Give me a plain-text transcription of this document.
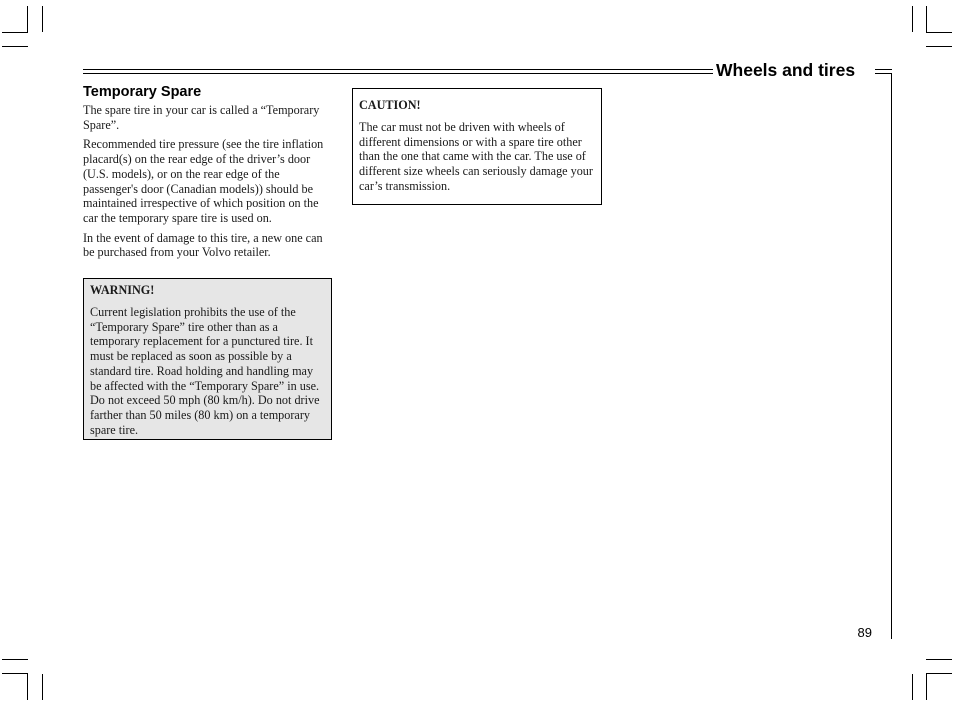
Wheels and tires
Temporary Spare

The spare tire in your car is called a “Temporary Spare”.

Recommended tire pressure (see the tire inflation placard(s) on the rear edge of the driver’s door (U.S. models), or on the rear edge of the passenger's door (Canadian models)) should be maintained irrespective of which position on the car the temporary spare tire is used on.

In the event of damage to this tire, a new one can be purchased from your Volvo retailer.

WARNING!

Current legislation prohibits the use of the “Temporary Spare” tire other than as a temporary replacement for a punctured tire. It must be replaced as soon as possible by a standard tire. Road holding and handling may be affected with the “Temporary Spare” in use. Do not exceed 50 mph (80 km/h). Do not drive farther than 50 miles (80 km) on a temporary spare tire.

CAUTION!

The car must not be driven with wheels of different dimensions or with a spare tire other than the one that came with the car. The use of different size wheels can seriously damage your car’s transmission.

89
